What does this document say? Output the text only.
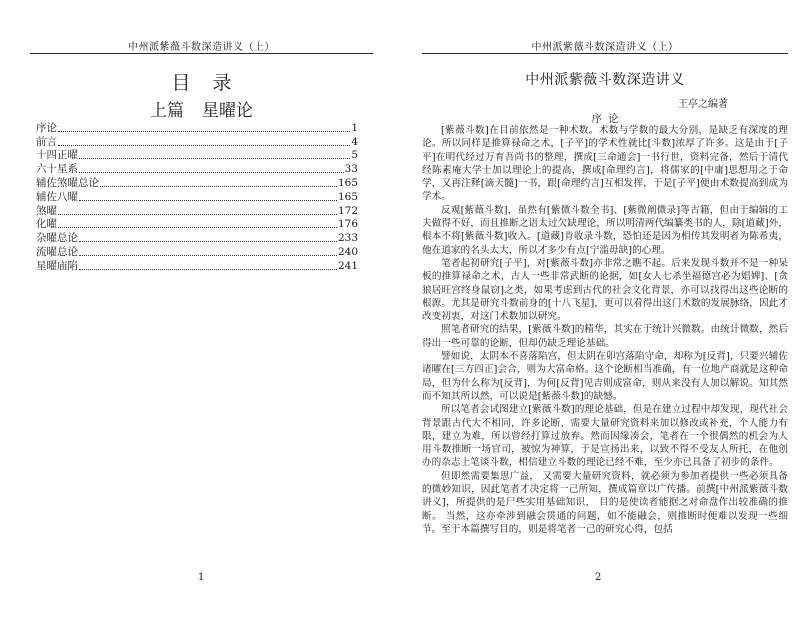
中州派紫薇斗数深造讲义（上）
目录
上篇 星曜论
序论	1
前言	4
十四正曜	5
六十星系	33
辅佐煞曜总论	165
辅佐八曜	165
煞曜	172
化曜	176
杂曜总论	233
流曜总论	240
星曜庙陷	241
1
中州派紫薇斗数深造讲义（上）
中州派紫薇斗数深造讲义
王亭之编著
序论

[紫薇斗数]在目前依然是一种术数。术数与学数的最大分别，是缺乏有深度的理论。所以同样是推算禄命之术，[子平]的学术性就比[斗数]浓厚了许多。这是由于[子平]在明代经过万育吾尚书的整理，撰成[三命通会]一书行世，资料完备，然后于清代经陈素庵大学士加以理论上的提高，撰成[命理约言]，将儒家的[中庸]思想用之于命学，又再注释[滴天髓]一书，跟[命理约言]互相发挥，于是[子平]便由术数提高到成为学术。

反观[紫薇斗数]，虽然有[紫微斗数全书]、[紫微阐微录]等古籍，但由于编辑的工夫做得不好，而且推断之语太过欠缺理论，所以明清两代编纂类书的人，除[道藏]外，根本不将[紫薇斗数]收入。[道藏]肯收录斗数，恐怕还是因为相传其发明者为陈希夷，他在道家的名头太大，所以才多少有点[宁滥毋缺]的心理。

笔者起初研究[子平]，对[紫薇斗数]亦非常之瞧不起。后来发现斗数并不是一种呆板的推算禄命之术，古人一些非常武断的论据，如[女人七杀坐福德宫必为娼婢]、[贪狼居旺宫终身鼠窃]之类，如果考虑到古代的社会文化背景，亦可以找得出这些论断的根源。尤其是研究斗数前身的[十八飞星]，更可以看得出这门术数的发展脉络，因此才改变初衷，对这门术数加以研究。

照笔者研究的结果，[紫薇斗数]的精华，其实在于统计兴微数。由统计微数，然后得出一些可靠的论断，但却仍缺乏理论基础。

譬如说，太阴本不喜落陷宫，但太阴在卯宫落陷守命，却称为[反背]，只要兴辅佐诸曜在[三方四正]会合，则为大富命格。这个论断相当准确，有一位地产商就是这种命局，但为什么称为[反背]，为何[反背]见吉则成富命，则从来没有人加以解说。知其然而不知其所以然，可以说是[紫薇斗数]的缺憾。

所以笔者会试图建立[紫薇斗数]的理论基础，但是在建立过程中却发现，现代社会背景跟古代大不相同，许多论断，需要大量研究资料来加以修改或补充，个人能力有限，建立为难，所以曾经打算过放弃。然而因缘凑会，笔者在一个很偶然的机会为人用斗数推断一场官司，被惊为神算，于是宣扬出来，以致不得不受友人所托，在他创办的杂志上笔谈斗数，相信建立斗数的理论已经不难，至少亦已具备了初步的条件。

但即然需要集思广益， 又需要大量研究资料，就必须为参加者提供一些必须具备的微妙知识，因此笔者才决定将一己所知，撰成篇章以广传播。前撰[中州派紫薇斗数讲义]，所提供的是尸些实用基础知识， 目的是使读者能据之对命盘作出较准确的推断。 当然，这亦牵涉到融会贯通的问题，如不能融会，则推断时便难以发现一些细节。至于本篇撰写目的，则是将笔者一己的研究心得，包括

2
